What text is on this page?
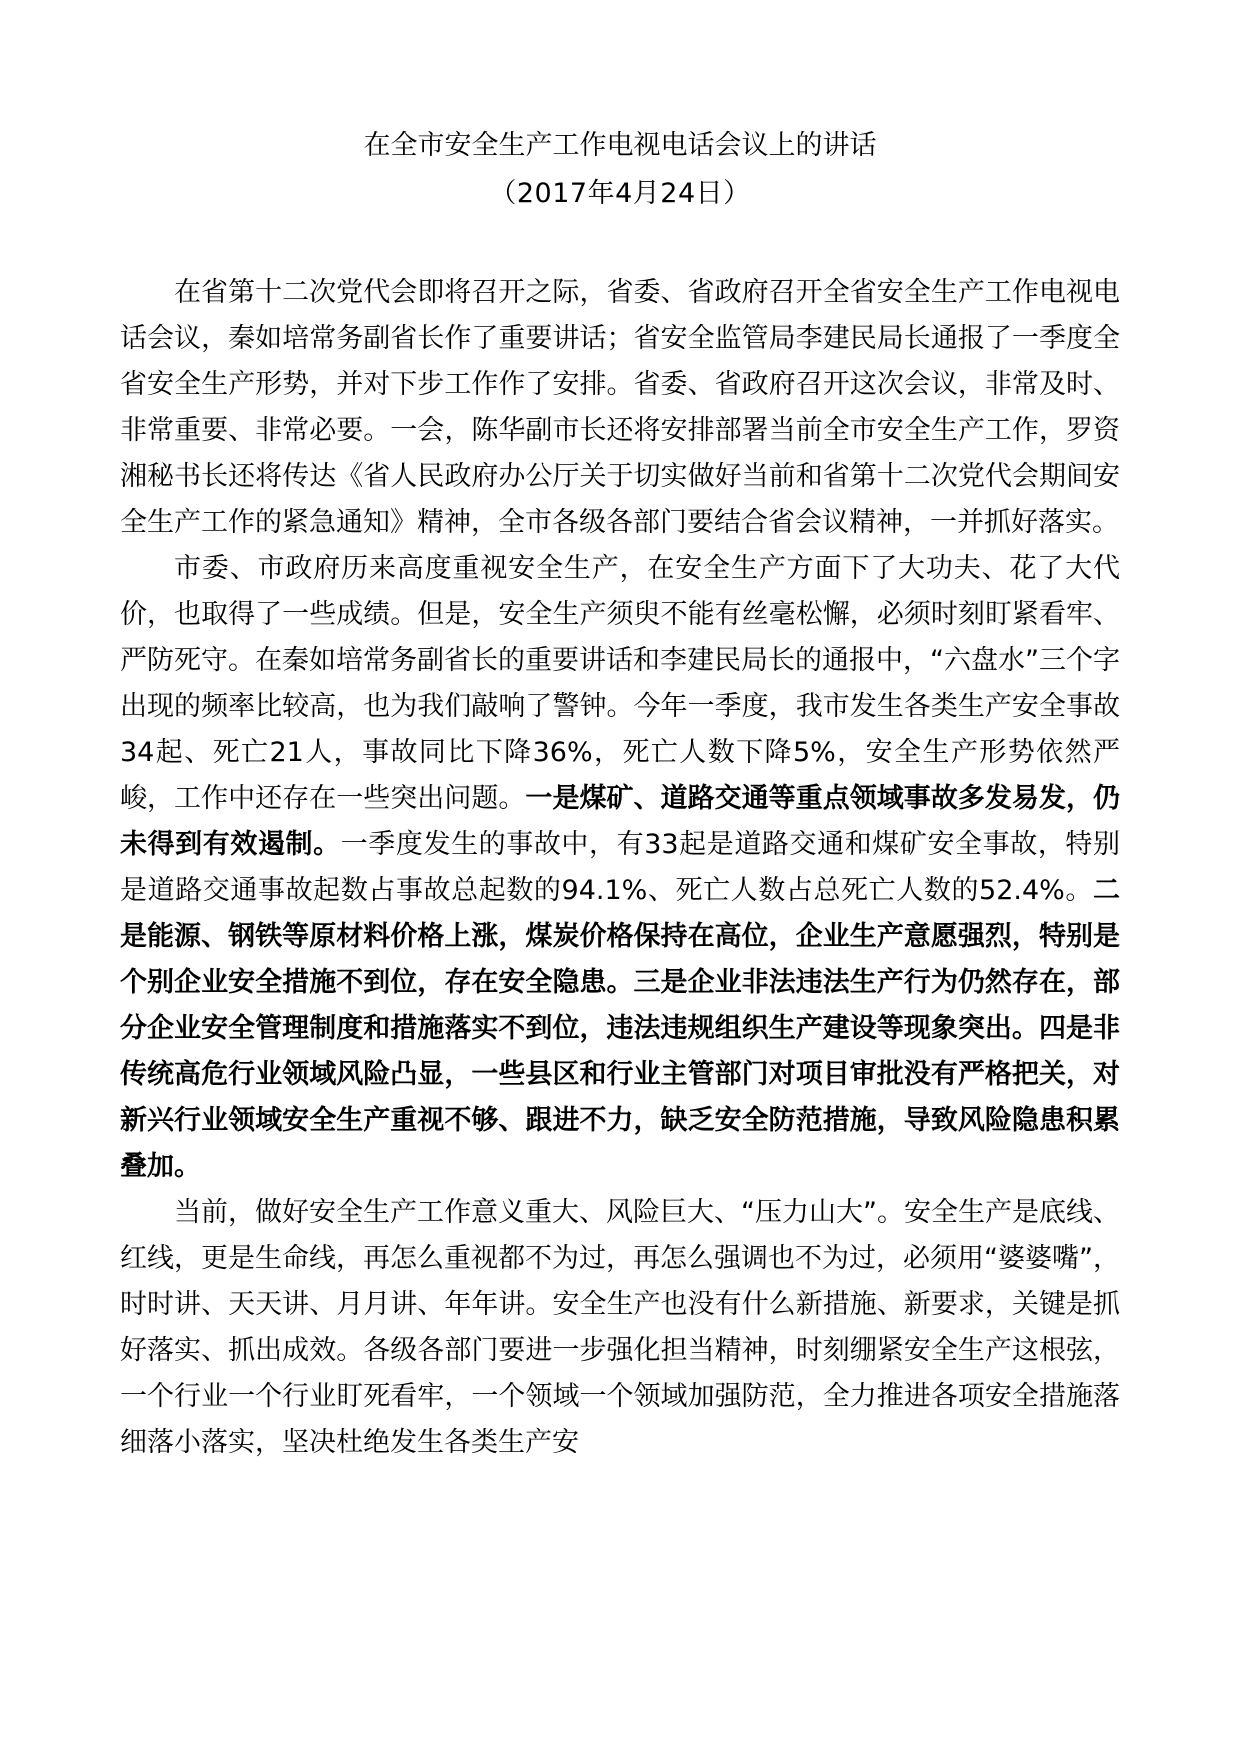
在全市安全生产工作电视电话会议上的讲话
（2017年4月24日）

在省第十二次党代会即将召开之际，省委、省政府召开全省安全生产工作电视电话会议，秦如培常务副省长作了重要讲话；省安全监管局李建民局长通报了一季度全省安全生产形势，并对下步工作作了安排。省委、省政府召开这次会议，非常及时、非常重要、非常必要。一会，陈华副市长还将安排部署当前全市安全生产工作，罗资湘秘书长还将传达《省人民政府办公厅关于切实做好当前和省第十二次党代会期间安全生产工作的紧急通知》精神，全市各级各部门要结合省会议精神，一并抓好落实。

市委、市政府历来高度重视安全生产，在安全生产方面下了大功夫、花了大代价，也取得了一些成绩。但是，安全生产须臾不能有丝毫松懈，必须时刻盯紧看牢、严防死守。在秦如培常务副省长的重要讲话和李建民局长的通报中，“六盘水”三个字出现的频率比较高，也为我们敲响了警钟。今年一季度，我市发生各类生产安全事故34起、死亡21人，事故同比下降36%，死亡人数下降5%，安全生产形势依然严峻，工作中还存在一些突出问题。一是煤矿、道路交通等重点领域事故多发易发，仍未得到有效遏制。一季度发生的事故中，有33起是道路交通和煤矿安全事故，特别是道路交通事故起数占事故总起数的94.1%、死亡人数占总死亡人数的52.4%。二是能源、钢铁等原材料价格上涨，煤炭价格保持在高位，企业生产意愿强烈，特别是个别企业安全措施不到位，存在安全隐患。三是企业非法违法生产行为仍然存在，部分企业安全管理制度和措施落实不到位，违法违规组织生产建设等现象突出。四是非传统高危行业领域风险凸显，一些县区和行业主管部门对项目审批没有严格把关，对新兴行业领域安全生产重视不够、跟进不力，缺乏安全防范措施，导致风险隐患积累叠加。

当前，做好安全生产工作意义重大、风险巨大、“压力山大”。安全生产是底线、红线，更是生命线，再怎么重视都不为过，再怎么强调也不为过，必须用“婆婆嘴”，时时讲、天天讲、月月讲、年年讲。安全生产也没有什么新措施、新要求，关键是抓好落实、抓出成效。各级各部门要进一步强化担当精神，时刻绷紧安全生产这根弦，一个行业一个行业盯死看牢，一个领域一个领域加强防范，全力推进各项安全措施落细落小落实，坚决杜绝发生各类生产安
